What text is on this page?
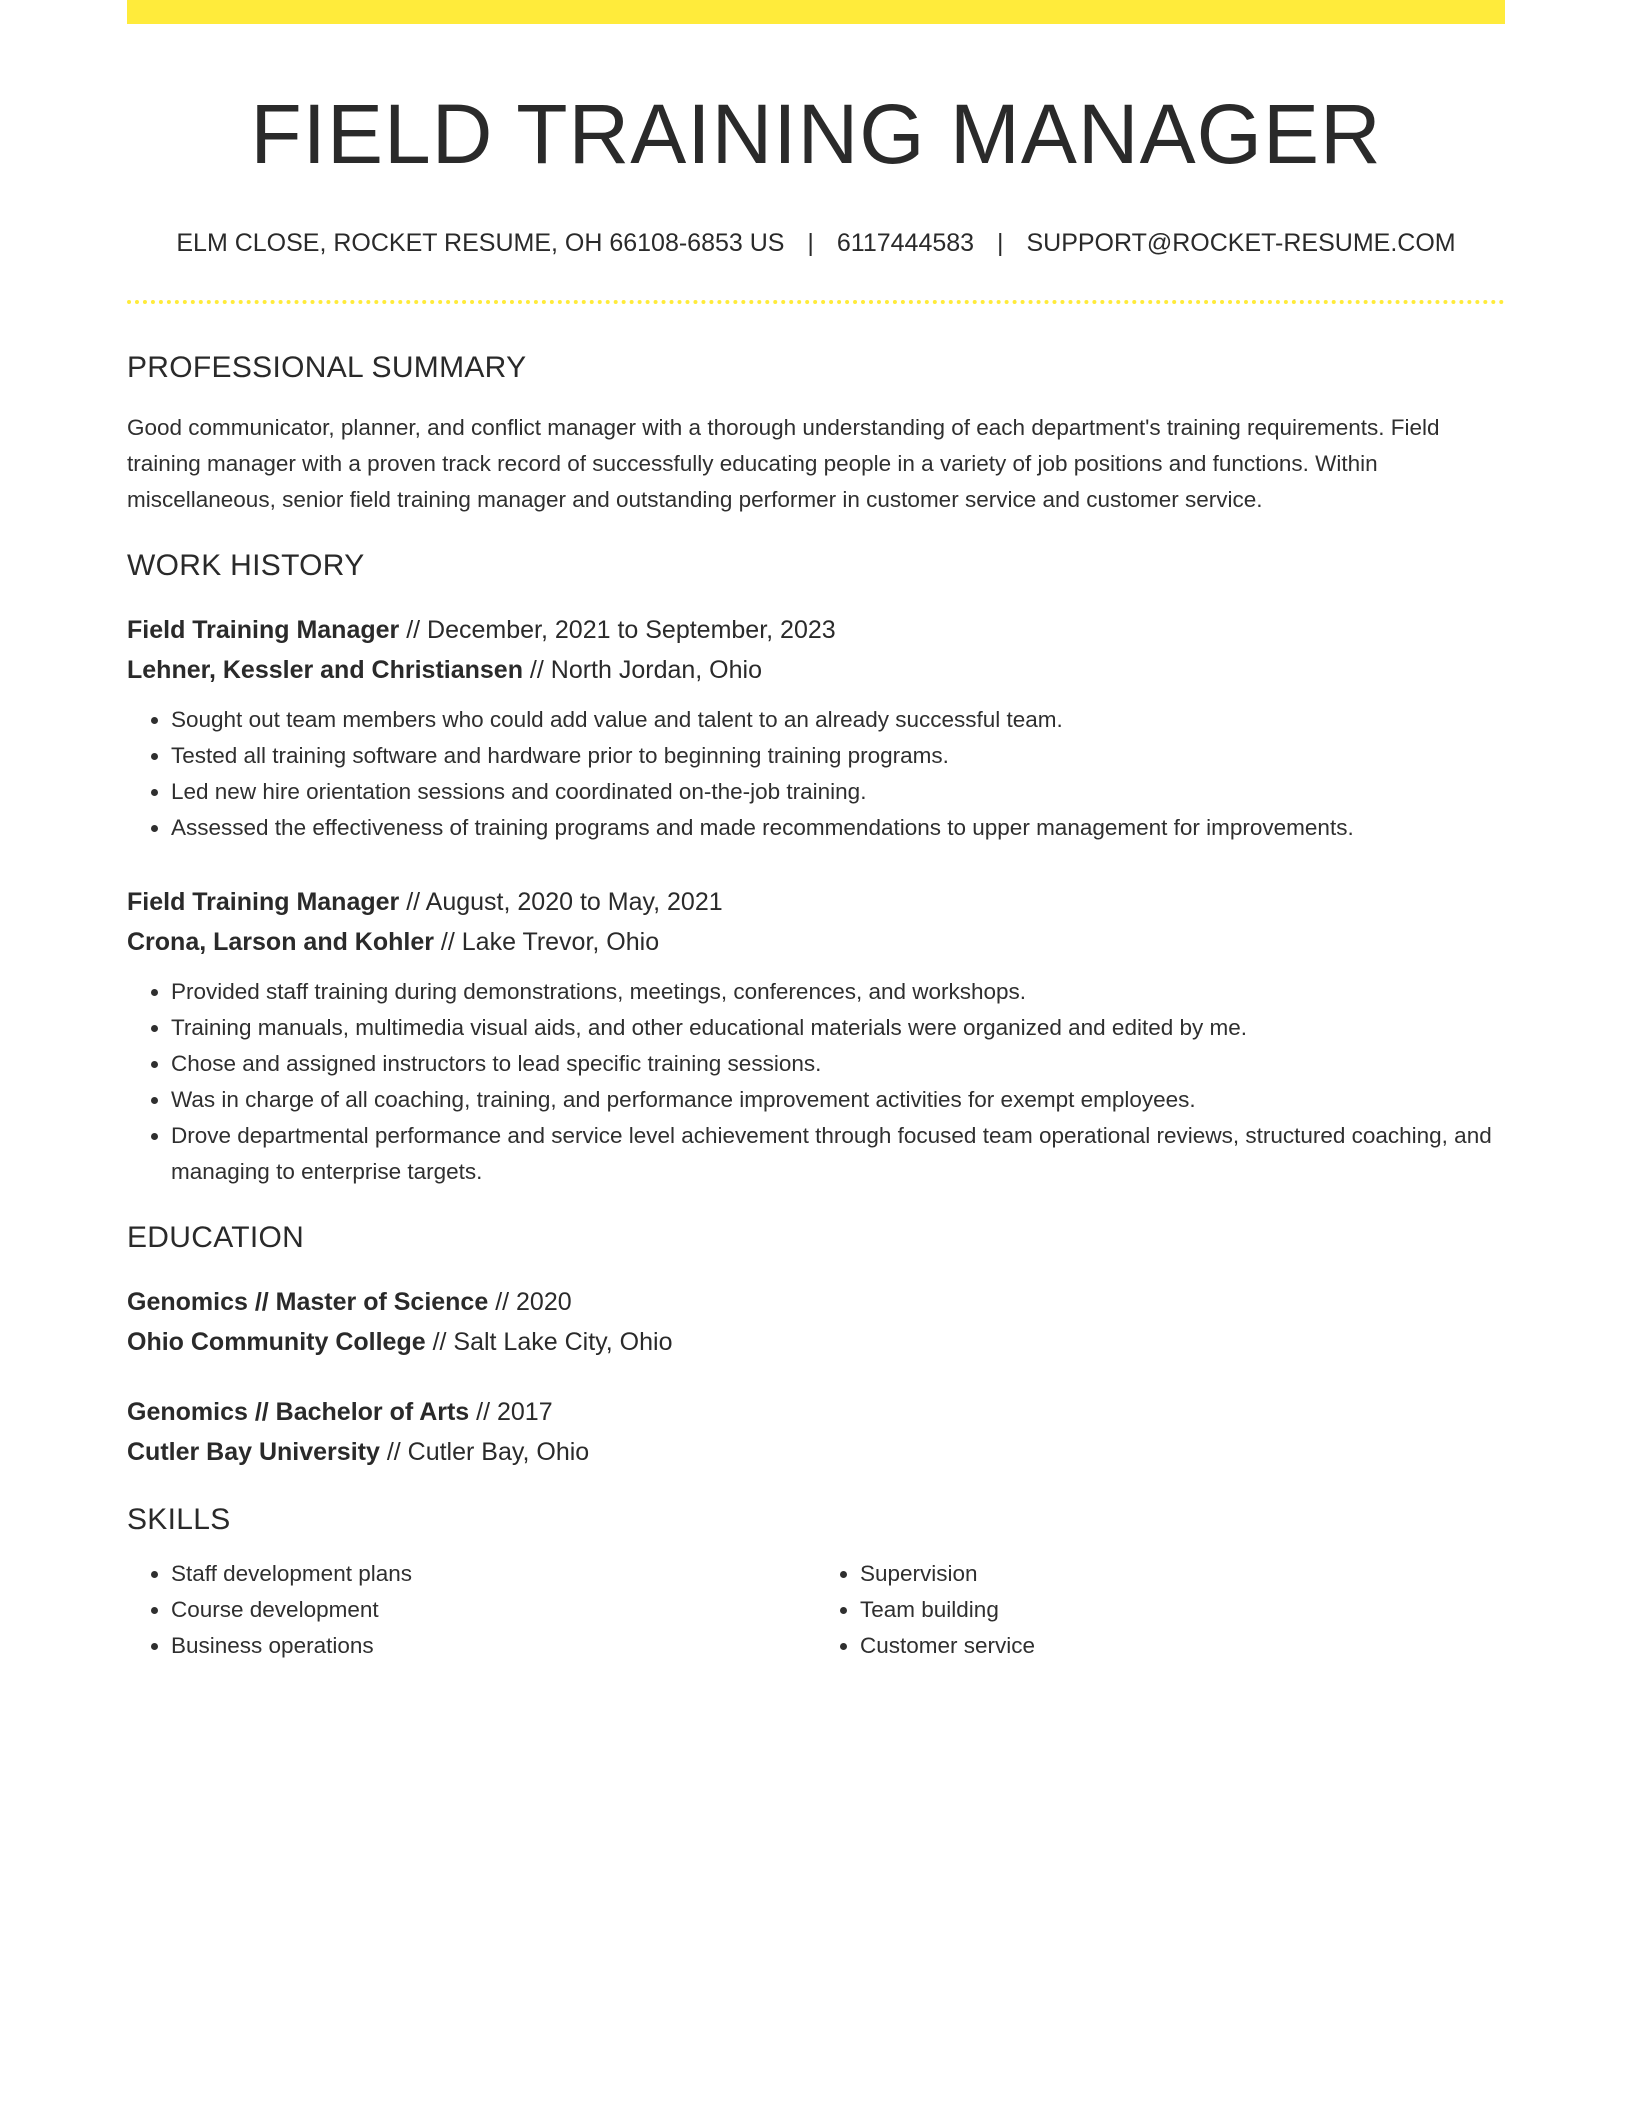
FIELD TRAINING MANAGER
ELM CLOSE, ROCKET RESUME, OH 66108-6853 US | 6117444583 | SUPPORT@ROCKET-RESUME.COM
PROFESSIONAL SUMMARY

Good communicator, planner, and conflict manager with a thorough understanding of each department's training requirements. Field training manager with a proven track record of successfully educating people in a variety of job positions and functions. Within miscellaneous, senior field training manager and outstanding performer in customer service and customer service.

WORK HISTORY
Field Training Manager // December, 2021 to September, 2023
Lehner, Kessler and Christiansen // North Jordan, Ohio
• Sought out team members who could add value and talent to an already successful team.
• Tested all training software and hardware prior to beginning training programs.
• Led new hire orientation sessions and coordinated on-the-job training.
• Assessed the effectiveness of training programs and made recommendations to upper management for improvements.
Field Training Manager // August, 2020 to May, 2021
Crona, Larson and Kohler // Lake Trevor, Ohio
• Provided staff training during demonstrations, meetings, conferences, and workshops.
• Training manuals, multimedia visual aids, and other educational materials were organized and edited by me.
• Chose and assigned instructors to lead specific training sessions.
• Was in charge of all coaching, training, and performance improvement activities for exempt employees.
• Drove departmental performance and service level achievement through focused team operational reviews, structured coaching, and managing to enterprise targets.
EDUCATION
Genomics // Master of Science // 2020
Ohio Community College // Salt Lake City, Ohio
Genomics // Bachelor of Arts // 2017
Cutler Bay University // Cutler Bay, Ohio
SKILLS
• Staff development plans
• Course development
• Business operations
• Supervision
• Team building
• Customer service
